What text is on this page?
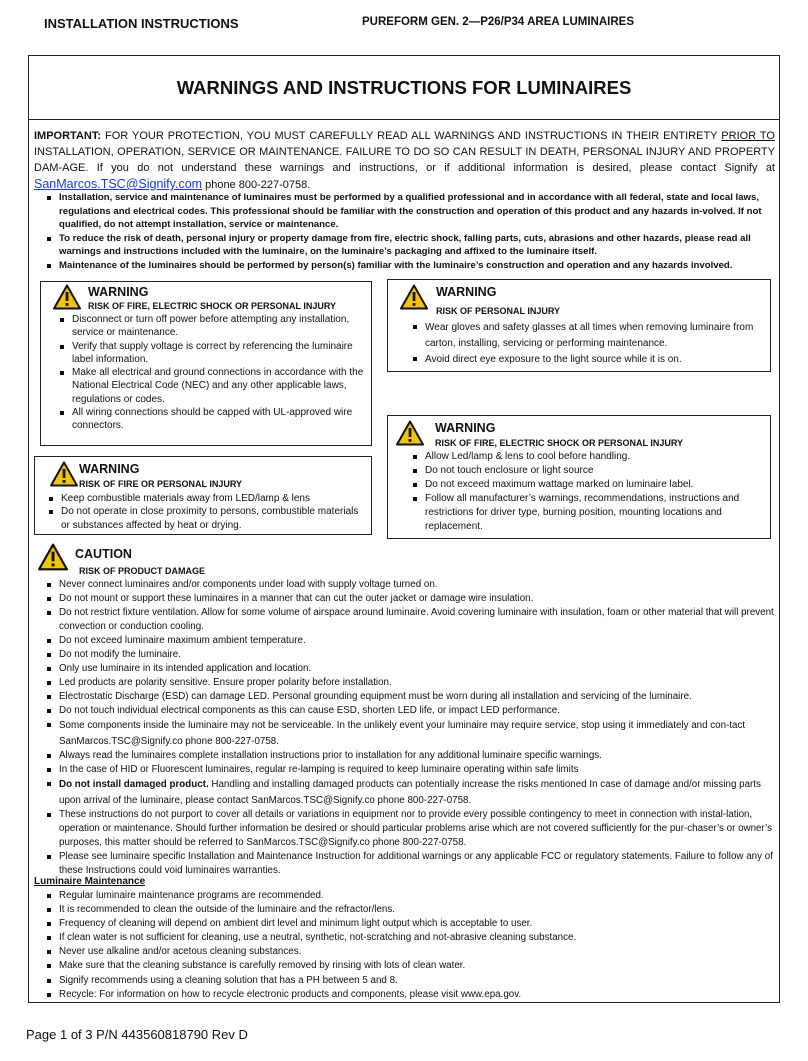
INSTALLATION INSTRUCTIONS	PUREFORM GEN. 2—P26/P34 AREA LUMINAIRES
WARNINGS AND INSTRUCTIONS FOR LUMINAIRES
IMPORTANT: FOR YOUR PROTECTION, YOU MUST CAREFULLY READ ALL WARNINGS AND INSTRUCTIONS IN THEIR ENTIRETY PRIOR TO INSTALLATION, OPERATION, SERVICE OR MAINTENANCE. FAILURE TO DO SO CAN RESULT IN DEATH, PERSONAL INJURY AND PROPERTY DAM-AGE. If you do not understand these warnings and instructions, or if additional information is desired, please contact Signify at SanMarcos.TSC@Signify.com phone 800-227-0758.
Installation, service and maintenance of luminaires must be performed by a qualified professional and in accordance with all federal, state and local laws, regulations and electrical codes. This professional should be familiar with the construction and operation of this product and any hazards in-volved. If not qualified, do not attempt installation, service or maintenance.
To reduce the risk of death, personal injury or property damage from fire, electric shock, falling parts, cuts, abrasions and other hazards, please read all warnings and instructions included with the luminaire, on the luminaire’s packaging and affixed to the luminaire itself.
Maintenance of the luminaires should be performed by person(s) familiar with the luminaire’s construction and operation and any hazards involved.
WARNING
RISK OF FIRE, ELECTRIC SHOCK OR PERSONAL INJURY
Disconnect or turn off power before attempting any installation, service or maintenance.
Verify that supply voltage is correct by referencing the luminaire label information.
Make all electrical and ground connections in accordance with the National Electrical Code (NEC) and any other applicable laws, regulations or codes.
All wiring connections should be capped with UL-approved wire connectors.
WARNING
RISK OF PERSONAL INJURY
Wear gloves and safety glasses at all times when removing luminaire from carton, installing, servicing or performing maintenance.
Avoid direct eye exposure to the light source while it is on.
WARNING
RISK OF FIRE, ELECTRIC SHOCK OR PERSONAL INJURY
Allow Led/lamp & lens to cool before handling.
Do not touch enclosure or light source
Do not exceed maximum wattage marked on luminaire label.
Follow all manufacturer’s warnings, recommendations, instructions and restrictions for driver type, burning position, mounting locations and replacement.
WARNING
RISK OF FIRE OR PERSONAL INJURY
Keep combustible materials away from LED/lamp & lens
Do not operate in close proximity to persons, combustible materials or substances affected by heat or drying.
CAUTION
RISK OF PRODUCT DAMAGE
Never connect luminaires and/or components under load with supply voltage turned on.
Do not mount or support these luminaires in a manner that can cut the outer jacket or damage wire insulation.
Do not restrict fixture ventilation. Allow for some volume of airspace around luminaire. Avoid covering luminaire with insulation, foam or other material that will prevent convection or conduction cooling.
Do not exceed luminaire maximum ambient temperature.
Do not modify the luminaire.
Only use luminaire in its intended application and location.
Led products are polarity sensitive. Ensure proper polarity before installation.
Electrostatic Discharge (ESD) can damage LED. Personal grounding equipment must be worn during all installation and servicing of the luminaire.
Do not touch individual electrical components as this can cause ESD, shorten LED life, or impact LED performance.
Some components inside the luminaire may not be serviceable. In the unlikely event your luminaire may require service, stop using it immediately and con-tact SanMarcos.TSC@Signify.co phone 800-227-0758.
Always read the luminaires complete installation instructions prior to installation for any additional luminaire specific warnings.
In the case of HID or Fluorescent luminaires, regular re-lamping is required to keep luminaire operating within safe limits
Do not install damaged product. Handling and installing damaged products can potentially increase the risks mentioned In case of damage and/or missing parts upon arrival of the luminaire, please contact SanMarcos.TSC@Signify.co phone 800-227-0758.
These instructions do not purport to cover all details or variations in equipment nor to provide every possible contingency to meet in connection with instal-lation, operation or maintenance. Should further information be desired or should particular problems arise which are not covered sufficiently for the pur-chaser’s or owner’s purposes, this matter should be referred to SanMarcos.TSC@Signify.co phone 800-227-0758.
Please see luminaire specific Installation and Maintenance Instruction for additional warnings or any applicable FCC or regulatory statements. Failure to follow any of these Instructions could void luminaires warranties.
Luminaire Maintenance
Regular luminaire maintenance programs are recommended.
It is recommended to clean the outside of the luminaire and the refractor/lens.
Frequency of cleaning will depend on ambient dirt level and minimum light output which is acceptable to user.
If clean water is not sufficient for cleaning, use a neutral, synthetic, not-scratching and not-abrasive cleaning substance.
Never use alkaline and/or acetous cleaning substances.
Make sure that the cleaning substance is carefully removed by rinsing with lots of clean water.
Signify recommends using a cleaning solution that has a PH between 5 and 8.
Recycle: For information on how to recycle electronic products and components, please visit www.epa.gov.
Page 1 of 3 P/N 443560818790 Rev D
